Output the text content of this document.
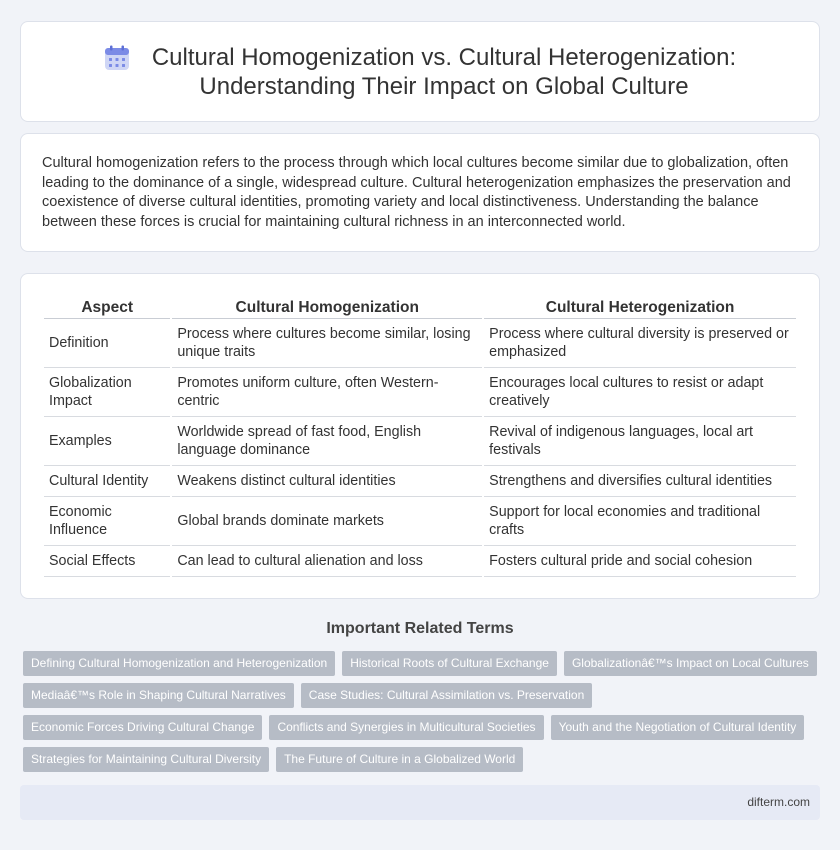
Cultural Homogenization vs. Cultural Heterogenization:
Understanding Their Impact on Global Culture

Cultural homogenization refers to the process through which local cultures become similar due to globalization, often leading to the dominance of a single, widespread culture. Cultural heterogenization emphasizes the preservation and coexistence of diverse cultural identities, promoting variety and local distinctiveness. Understanding the balance between these forces is crucial for maintaining cultural richness in an interconnected world.

Aspect	Cultural Homogenization	Cultural Heterogenization
Definition	Process where cultures become similar, losing unique traits	Process where cultural diversity is preserved or emphasized
Globalization Impact	Promotes uniform culture, often Western-centric	Encourages local cultures to resist or adapt creatively
Examples	Worldwide spread of fast food, English language dominance	Revival of indigenous languages, local art festivals
Cultural Identity	Weakens distinct cultural identities	Strengthens and diversifies cultural identities
Economic Influence	Global brands dominate markets	Support for local economies and traditional crafts
Social Effects	Can lead to cultural alienation and loss	Fosters cultural pride and social cohesion
Important Related Terms
Defining Cultural Homogenization and Heterogenization	Historical Roots of Cultural Exchange	Globalizationâ€™s Impact on Local Cultures
Mediaâ€™s Role in Shaping Cultural Narratives	Case Studies: Cultural Assimilation vs. Preservation
Economic Forces Driving Cultural Change	Conflicts and Synergies in Multicultural Societies	Youth and the Negotiation of Cultural Identity
Strategies for Maintaining Cultural Diversity	The Future of Culture in a Globalized World
difterm.com
